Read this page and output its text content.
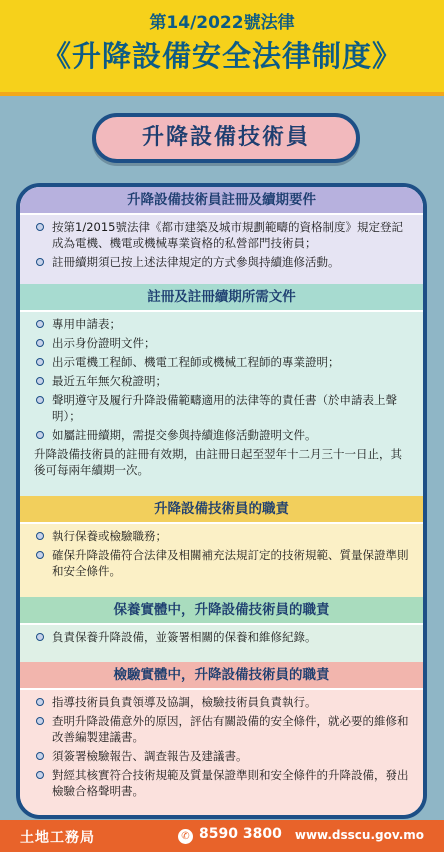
第14/2022號法律
《升降設備安全法律制度》
升降設備技術員
升降設備技術員註冊及續期要件
按第1/2015號法律《都市建築及城市規劃範疇的資格制度》規定登記成為電機、機電或機械專業資格的私營部門技術員；
註冊續期須已按上述法律規定的方式參與持續進修活動。
註冊及註冊續期所需文件
專用申請表；
出示身份證明文件；
出示電機工程師、機電工程師或機械工程師的專業證明；
最近五年無欠稅證明；
聲明遵守及履行升降設備範疇適用的法律等的責任書（於申請表上聲明）；
如屬註冊續期，需提交參與持續進修活動證明文件。
升降設備技術員的註冊有效期，由註冊日起至翌年十二月三十一日止，其後可每兩年續期一次。
升降設備技術員的職責
執行保養或檢驗職務；
確保升降設備符合法律及相關補充法規訂定的技術規範、質量保證準則和安全條件。
保養實體中，升降設備技術員的職責
負責保養升降設備，並簽署相關的保養和維修紀錄。
檢驗實體中，升降設備技術員的職責
指導技術員負責領導及協調，檢驗技術員負責執行。
查明升降設備意外的原因，評估有關設備的安全條件，就必要的維修和改善編製建議書。
須簽署檢驗報告、調查報告及建議書。
對經其核實符合技術規範及質量保證準則和安全條件的升降設備，發出檢驗合格聲明書。
土地工務局	✆ 8590 3800 www.dsscu.gov.mo
